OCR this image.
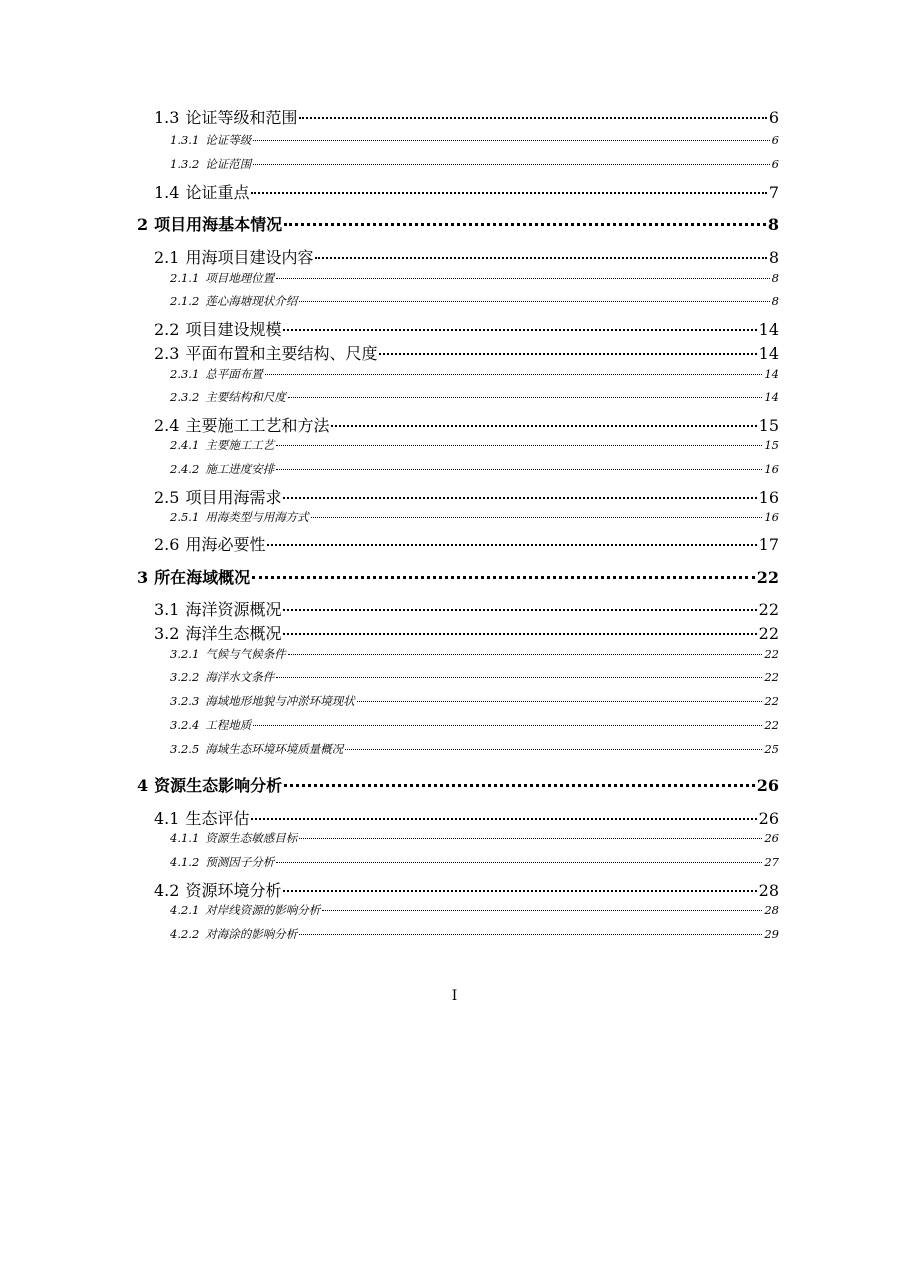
1.3 论证等级和范围	6
1.3.1 论证等级	6
1.3.2 论证范围	6
1.4 论证重点	7
2 项目用海基本情况	8
2.1 用海项目建设内容	8
2.1.1 项目地理位置	8
2.1.2 莲心海塘现状介绍	8
2.2 项目建设规模	14
2.3 平面布置和主要结构、尺度	14
2.3.1 总平面布置	14
2.3.2 主要结构和尺度	14
2.4 主要施工工艺和方法	15
2.4.1 主要施工工艺	15
2.4.2 施工进度安排	16
2.5 项目用海需求	16
2.5.1 用海类型与用海方式	16
2.6 用海必要性	17
3 所在海域概况	22
3.1 海洋资源概况	22
3.2 海洋生态概况	22
3.2.1 气候与气候条件	22
3.2.2 海洋水文条件	22
3.2.3 海域地形地貌与冲淤环境现状	22
3.2.4 工程地质	22
3.2.5 海域生态环境环境质量概况	25
4 资源生态影响分析	26
4.1 生态评估	26
4.1.1 资源生态敏感目标	26
4.1.2 预测因子分析	27
4.2 资源环境分析	28
4.2.1 对岸线资源的影响分析	28
4.2.2 对海涂的影响分析	29
I
